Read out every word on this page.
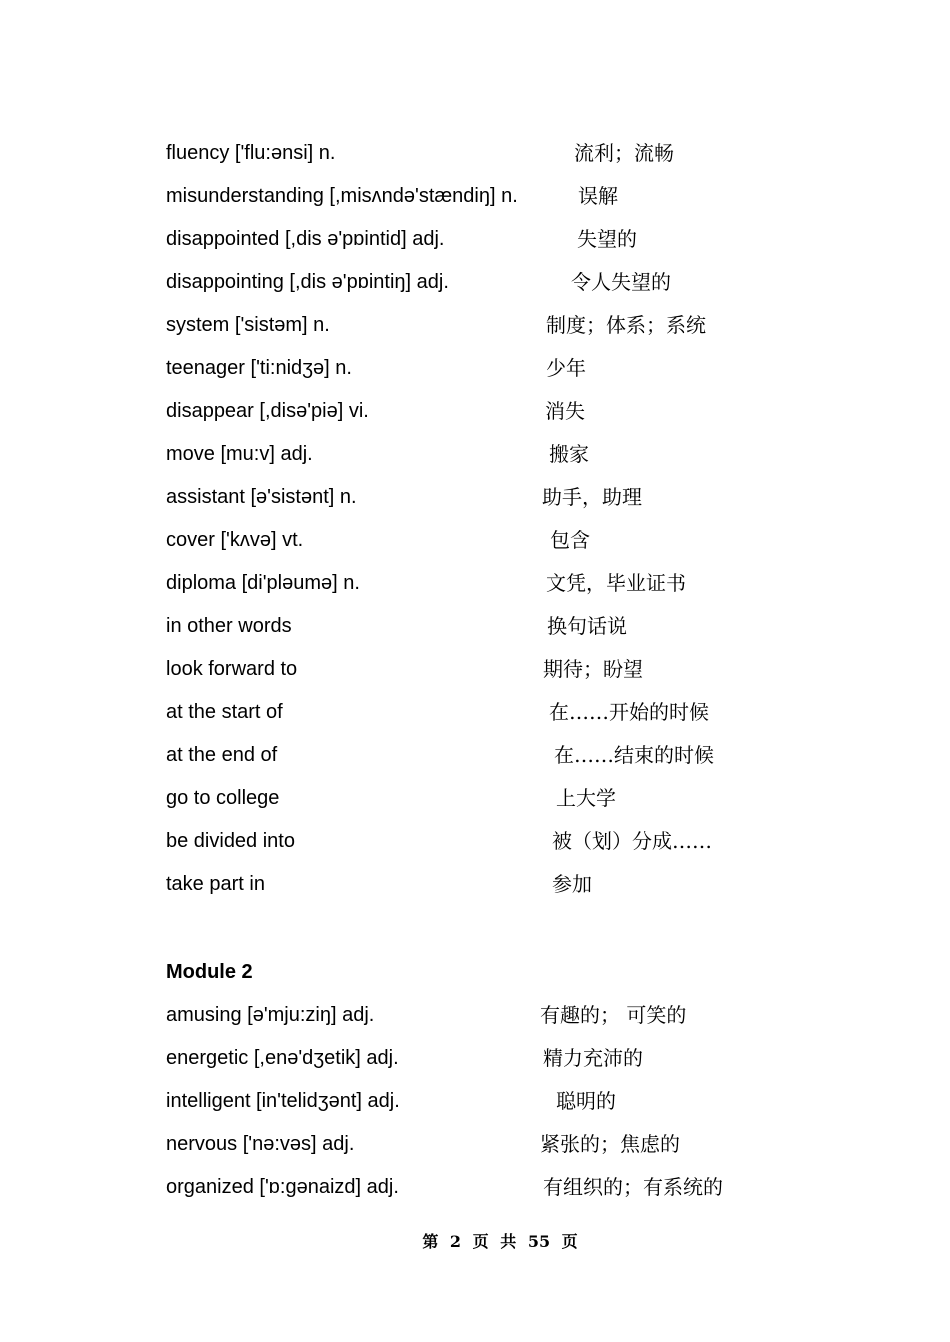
fluency ['flu:ənsi] n.	流利；流畅
misunderstanding [,misʌndə'stændiŋ] n.	误解
disappointed [,dis ə'pɒintid] adj.	失望的
disappointing [,dis ə'pɒintiŋ] adj.	令人失望的
system ['sistəm] n.	制度；体系；系统
teenager ['ti:nidʒə] n.	少年
disappear [,disə'piə] vi.	消失
move [mu:v] adj.	搬家
assistant [ə'sistənt] n.	助手，助理
cover ['kʌvə] vt.	包含
diploma [di'pləumə] n.	文凭，毕业证书
in other words	换句话说
look forward to	期待；盼望
at the start of	在……开始的时候
at the end of	在……结束的时候
go to college	上大学
be divided into	被（划）分成……
take part in	参加
Module 2
amusing [ə'mju:ziŋ] adj.	有趣的； 可笑的
energetic [,enə'dʒetik] adj.	精力充沛的
intelligent [in'telidʒənt] adj.	聪明的
nervous ['nə:vəs] adj.	紧张的；焦虑的
organized ['ɒ:gənaizd] adj.	有组织的；有系统的
第 2 页 共 55 页
